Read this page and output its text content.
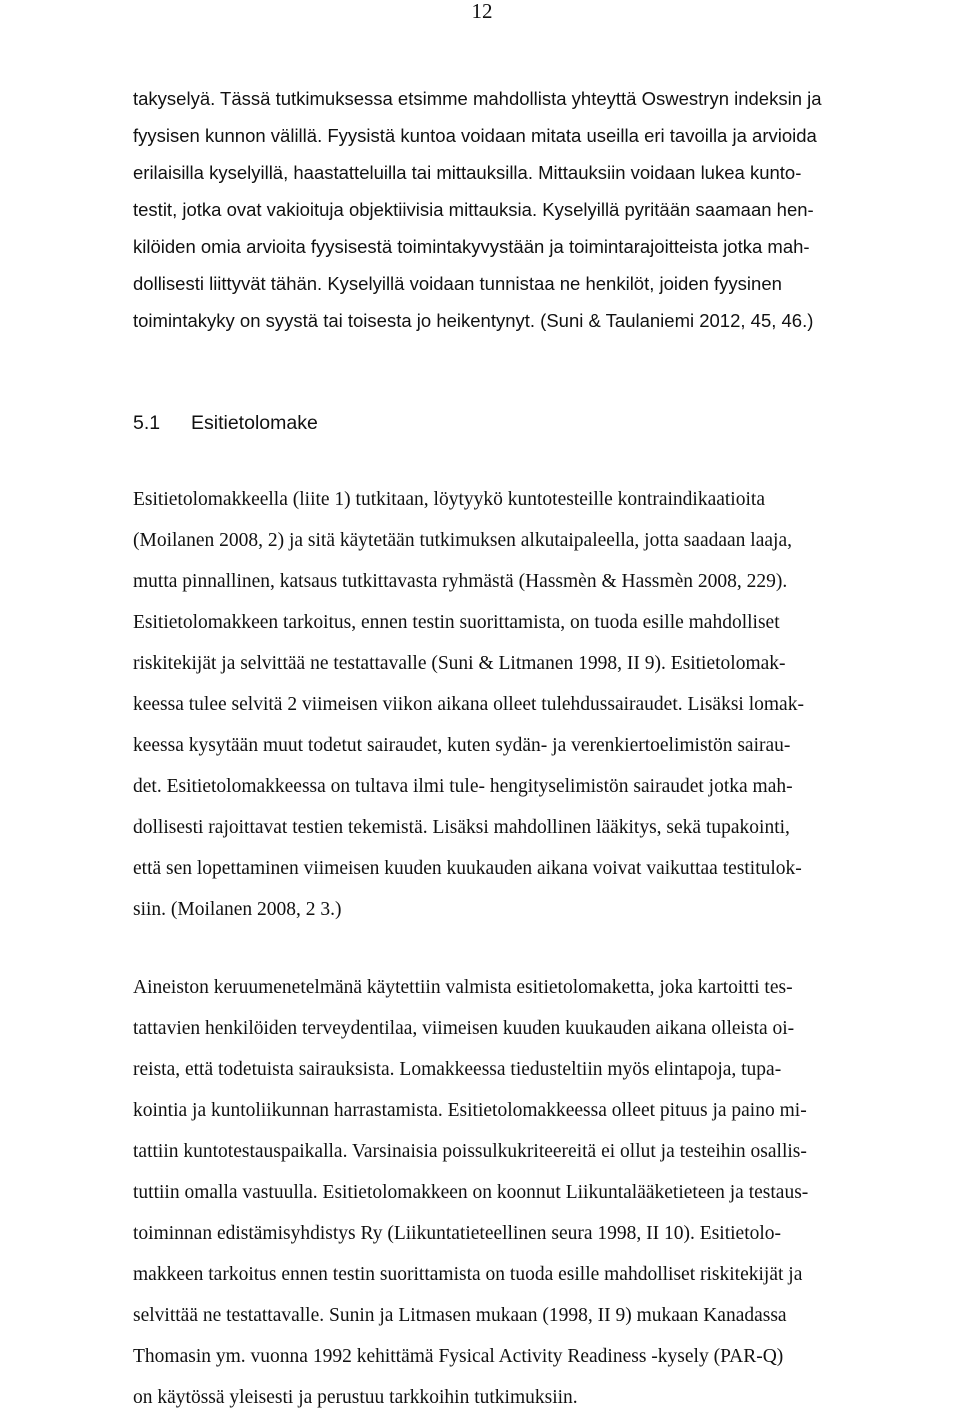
12
takyselyä. Tässä tutkimuksessa etsimme mahdollista yhteyttä Oswestryn indeksin ja
fyysisen kunnon välillä. Fyysistä kuntoa voidaan mitata useilla eri tavoilla ja arvioida
erilaisilla kyselyillä, haastatteluilla tai mittauksilla. Mittauksiin voidaan lukea kunto-
testit, jotka ovat vakioituja objektiivisia mittauksia. Kyselyillä pyritään saamaan hen-
kilöiden omia arvioita fyysisestä toimintakyvystään ja toimintarajoitteista jotka mah-
dollisesti liittyvät tähän. Kyselyillä voidaan tunnistaa ne henkilöt, joiden fyysinen
toimintakyky on syystä tai toisesta jo heikentynyt. (Suni & Taulaniemi 2012, 45, 46.)
5.1 Esitietolomake
Esitietolomakkeella (liite 1) tutkitaan, löytyykö kuntotesteille kontraindikaatioita
(Moilanen 2008, 2) ja sitä käytetään tutkimuksen alkutaipaleella, jotta saadaan laaja,
mutta pinnallinen, katsaus tutkittavasta ryhmästä (Hassmèn & Hassmèn 2008, 229).
Esitietolomakkeen tarkoitus, ennen testin suorittamista, on tuoda esille mahdolliset
riskitekijät ja selvittää ne testattavalle (Suni & Litmanen 1998, II 9). Esitietolomak-
keessa tulee selvitä 2 viimeisen viikon aikana olleet tulehdussairaudet. Lisäksi lomak-
keessa kysytään muut todetut sairaudet, kuten sydän- ja verenkiertoelimistön sairau-
det. Esitietolomakkeessa on tultava ilmi tule- hengityselimistön sairaudet jotka mah-
dollisesti rajoittavat testien tekemistä. Lisäksi mahdollinen lääkitys, sekä tupakointi,
että sen lopettaminen viimeisen kuuden kuukauden aikana voivat vaikuttaa testitulok-
siin. (Moilanen 2008, 2 3.)
Aineiston keruumenetelmänä käytettiin valmista esitietolomaketta, joka kartoitti tes-
tattavien henkilöiden terveydentilaa, viimeisen kuuden kuukauden aikana olleista oi-
reista, että todetuista sairauksista. Lomakkeessa tiedusteltiin myös elintapoja, tupa-
kointia ja kuntoliikunnan harrastamista. Esitietolomakkeessa olleet pituus ja paino mi-
tattiin kuntotestauspaikalla. Varsinaisia poissulkukriteereitä ei ollut ja testeihin osallis-
tuttiin omalla vastuulla. Esitietolomakkeen on koonnut Liikuntalääketieteen ja testaus-
toiminnan edistämisyhdistys Ry (Liikuntatieteellinen seura 1998, II 10). Esitietolo-
makkeen tarkoitus ennen testin suorittamista on tuoda esille mahdolliset riskitekijät ja
selvittää ne testattavalle. Sunin ja Litmasen mukaan (1998, II 9) mukaan Kanadassa
Thomasin ym. vuonna 1992 kehittämä Fysical Activity Readiness -kysely (PAR-Q)
on käytössä yleisesti ja perustuu tarkkoihin tutkimuksiin.
